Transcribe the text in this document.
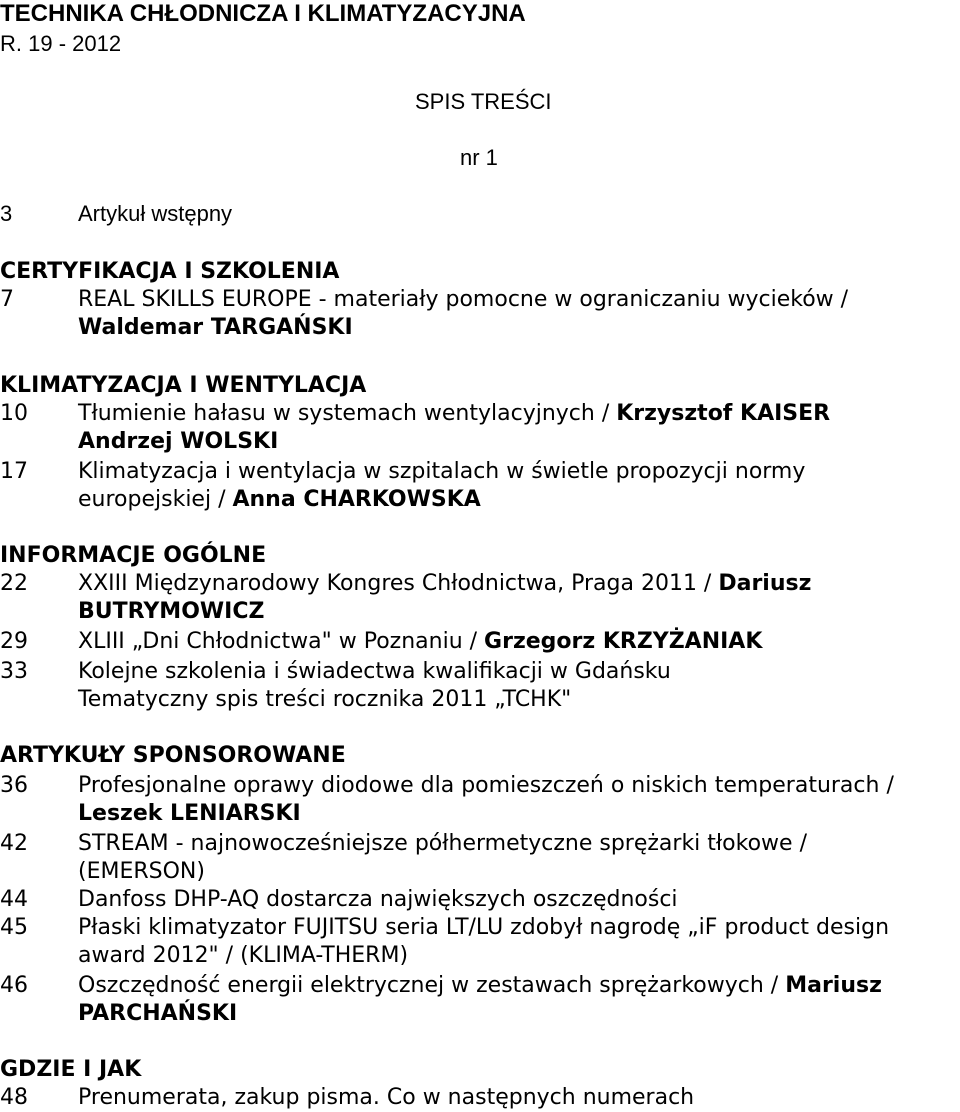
TECHNIKA CHŁODNICZA I KLIMATYZACYJNA
R. 19 - 2012
SPIS TREŚCI
nr 1
3	Artykuł wstępny
CERTYFIKACJA I SZKOLENIA
7	REAL SKILLS EUROPE - materiały pomocne w ograniczaniu wycieków /
Waldemar TARGAŃSKI
KLIMATYZACJA I WENTYLACJA
10	Tłumienie hałasu w systemach wentylacyjnych / Krzysztof KAISER
Andrzej WOLSKI
17	Klimatyzacja i wentylacja w szpitalach w świetle propozycji normy
europejskiej / Anna CHARKOWSKA
INFORMACJE OGÓLNE
22	XXIII Międzynarodowy Kongres Chłodnictwa, Praga 2011 / Dariusz
BUTRYMOWICZ
29	XLIII „Dni Chłodnictwa" w Poznaniu / Grzegorz KRZYŻANIAK
33	Kolejne szkolenia i świadectwa kwalifikacji w Gdańsku
Tematyczny spis treści rocznika 2011 „TCHK"
ARTYKUŁY SPONSOROWANE
36	Profesjonalne oprawy diodowe dla pomieszczeń o niskich temperaturach /
Leszek LENIARSKI
42	STREAM - najnowocześniejsze półhermetyczne sprężarki tłokowe /
(EMERSON)
44	Danfoss DHP-AQ dostarcza największych oszczędności
45	Płaski klimatyzator FUJITSU seria LT/LU zdobył nagrodę „iF product design
award 2012" / (KLIMA-THERM)
46	Oszczędność energii elektrycznej w zestawach sprężarkowych / Mariusz
PARCHAŃSKI
GDZIE I JAK
48	Prenumerata, zakup pisma. Co w następnych numerach
